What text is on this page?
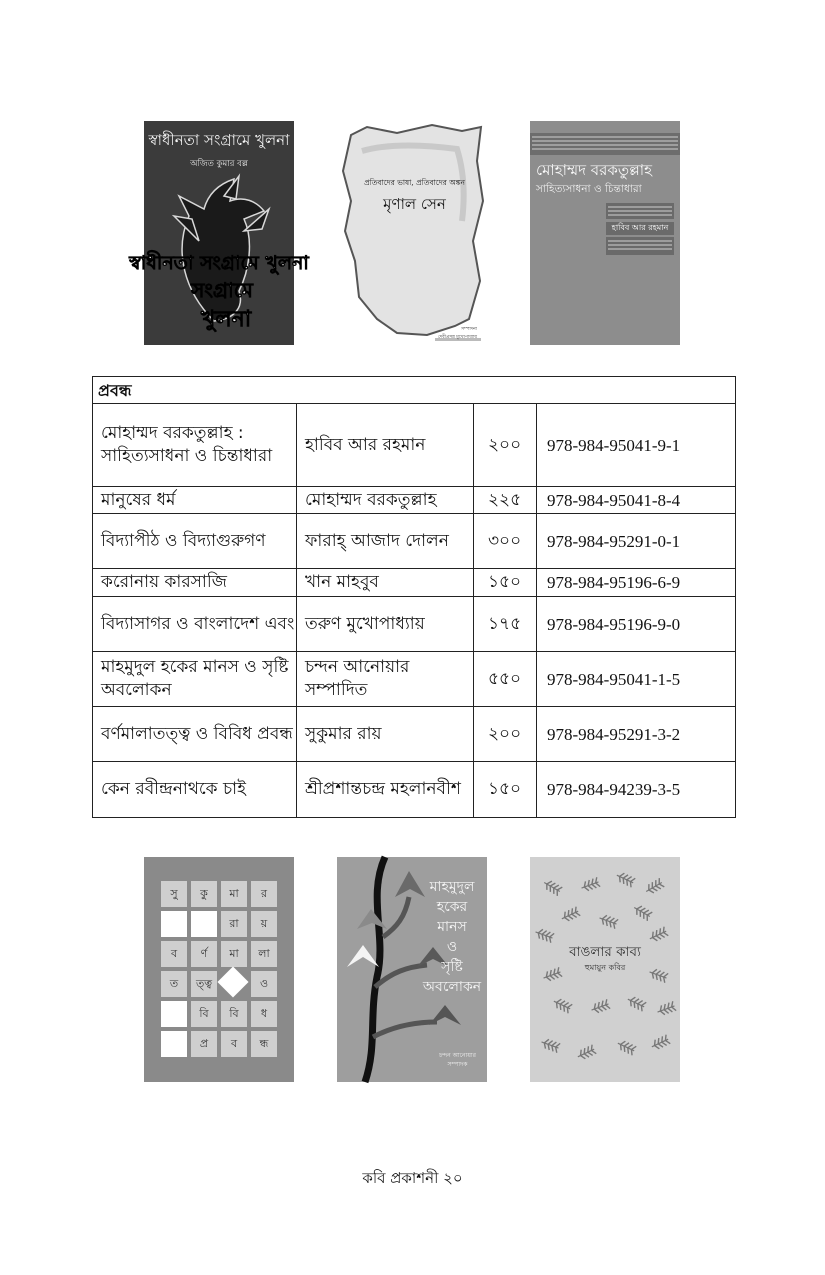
স্বাধীনতা সংগ্রামে খুলনা
সংগ্রামে
খুলনা
স্বাধীনতা সংগ্রামে খুলনা
অজিত কুমার বল্ল
প্রতিবাদের ভাষা, প্রতিবাদের অঙ্কন
মৃণাল সেন
সম্পাদনা
দেবীপ্রসন্ন মুখোপাধ্যায়
মোহাম্মদ বরকতুল্লাহ
সাহিত্যসাধনা ও চিন্তাধারা
হাবিব আর রহমান
প্রবন্ধ			
মোহাম্মদ বরকতুল্লাহ : সাহিত্যসাধনা ও চিন্তাধারা	হাবিব আর রহমান	২০০	978-984-95041-9-1
মানুষের ধর্ম	মোহাম্মদ বরকতুল্লাহ	২২৫	978-984-95041-8-4
বিদ্যাপীঠ ও বিদ্যাগুরুগণ	ফারাহ্ আজাদ দোলন	৩০০	978-984-95291-0-1
করোনায় কারসাজি	খান মাহবুব	১৫০	978-984-95196-6-9
বিদ্যাসাগর ও বাংলাদেশ এবং	তরুণ মুখোপাধ্যায়	১৭৫	978-984-95196-9-0
মাহমুদুল হকের মানস ও সৃষ্টি অবলোকন	চন্দন আনোয়ার সম্পাদিত	৫৫০	978-984-95041-1-5
বর্ণমালাতত্ত্ব ও বিবিধ প্রবন্ধ	সুকুমার রায়	২০০	978-984-95291-3-2
কেন রবীন্দ্রনাথকে চাই	শ্রীপ্রশান্তচন্দ্র মহলানবীশ	১৫০	978-984-94239-3-5
সু	কু	মা	র
রা	য়
ব	র্ণ	মা	লা
ত	ত্ত্ব	ও
বি	বি	ধ
প্র	ব	ন্ধ
মাহমুদুল
হকের
মানস
ও
সৃষ্টি
অবলোকন
চন্দন আনোয়ার
সম্পাদক
বাঙলার কাব্য
হুমায়ুন কবির
কবি প্রকাশনী ২০
